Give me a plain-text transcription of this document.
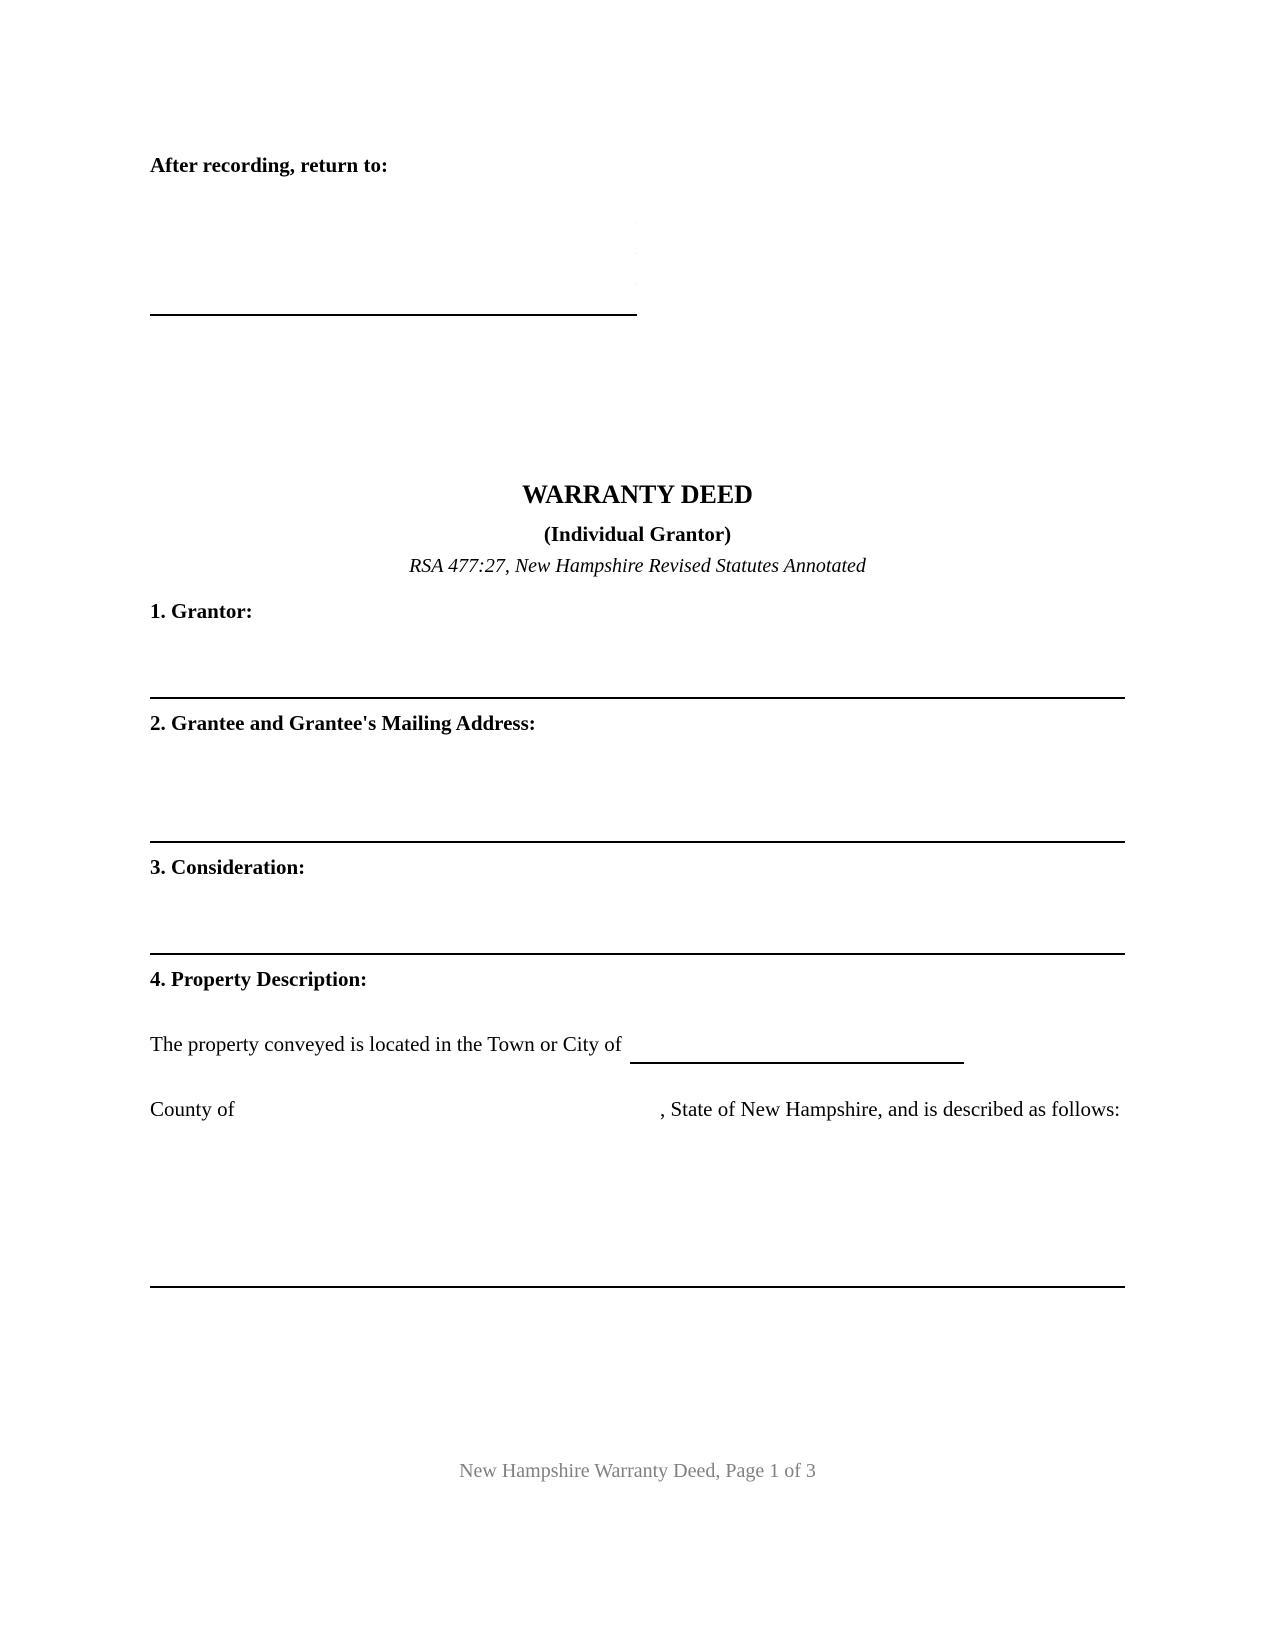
After recording, return to:
WARRANTY DEED
(Individual Grantor)
RSA 477:27, New Hampshire Revised Statutes Annotated
1. Grantor:
2. Grantee and Grantee's Mailing Address:
3. Consideration:
4. Property Description:
The property conveyed is located in the Town or City of
County of	, State of New Hampshire, and is described as follows:
New Hampshire Warranty Deed, Page 1 of 3
